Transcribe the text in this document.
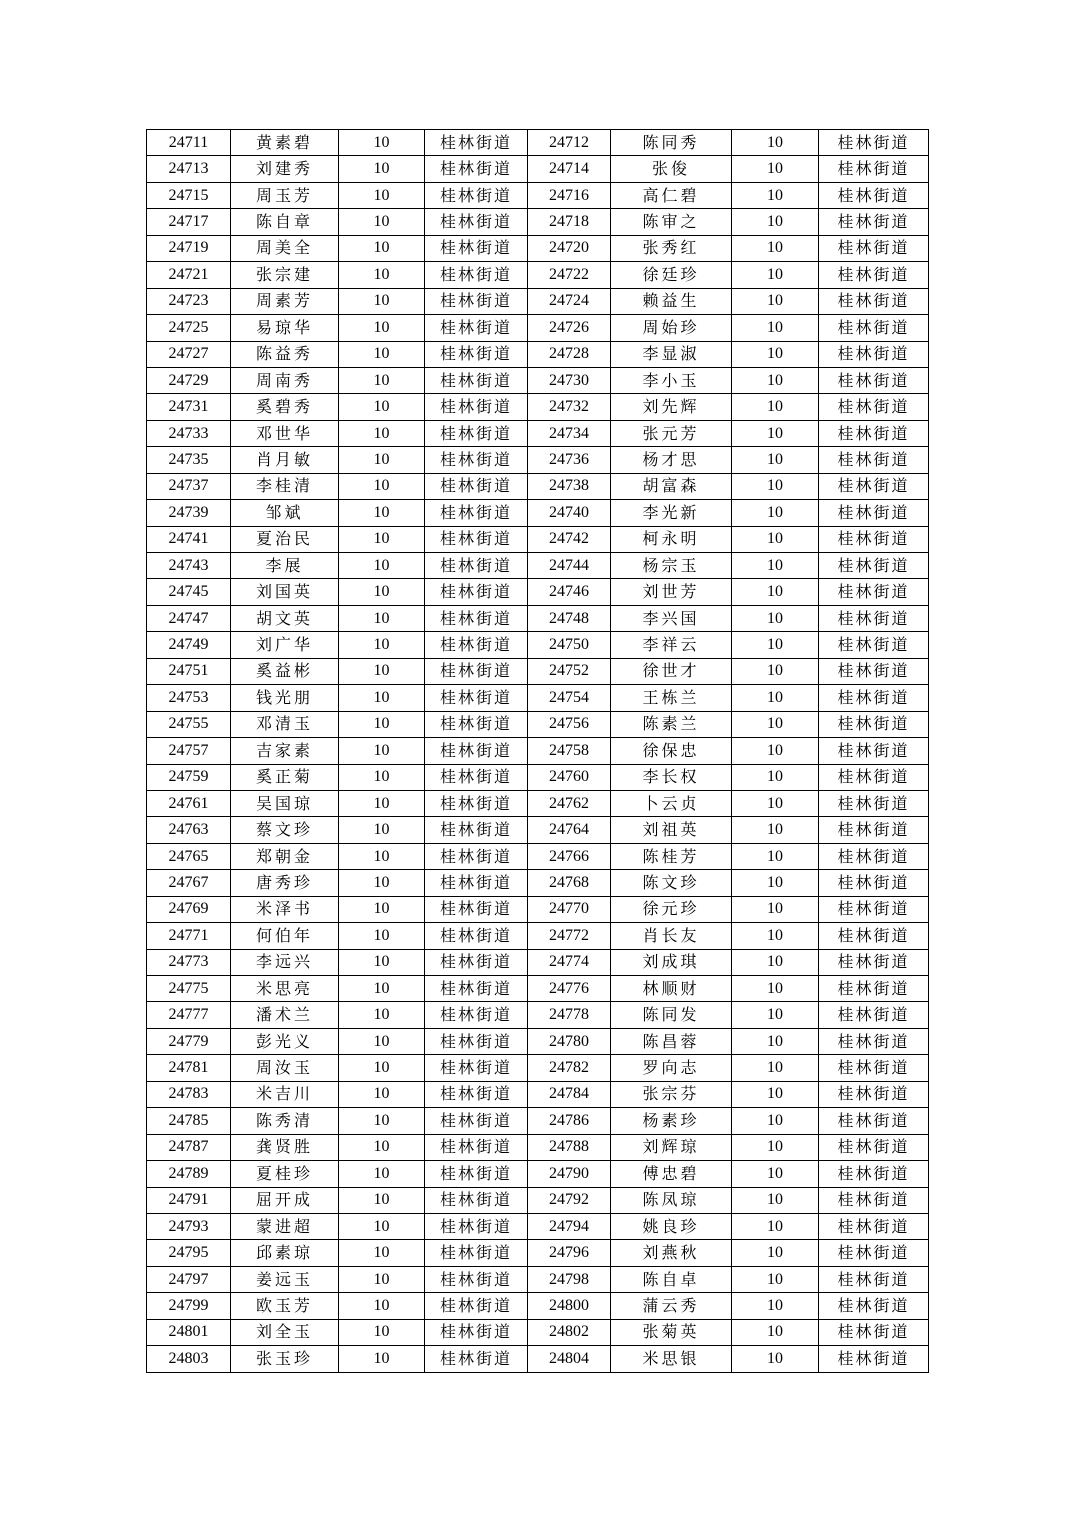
24711	黄素碧	10	桂林街道	24712	陈同秀	10	桂林街道
24713	刘建秀	10	桂林街道	24714	张俊	10	桂林街道
24715	周玉芳	10	桂林街道	24716	高仁碧	10	桂林街道
24717	陈自章	10	桂林街道	24718	陈审之	10	桂林街道
24719	周美全	10	桂林街道	24720	张秀红	10	桂林街道
24721	张宗建	10	桂林街道	24722	徐廷珍	10	桂林街道
24723	周素芳	10	桂林街道	24724	赖益生	10	桂林街道
24725	易琼华	10	桂林街道	24726	周始珍	10	桂林街道
24727	陈益秀	10	桂林街道	24728	李显淑	10	桂林街道
24729	周南秀	10	桂林街道	24730	李小玉	10	桂林街道
24731	奚碧秀	10	桂林街道	24732	刘先辉	10	桂林街道
24733	邓世华	10	桂林街道	24734	张元芳	10	桂林街道
24735	肖月敏	10	桂林街道	24736	杨才思	10	桂林街道
24737	李桂清	10	桂林街道	24738	胡富森	10	桂林街道
24739	邹斌	10	桂林街道	24740	李光新	10	桂林街道
24741	夏治民	10	桂林街道	24742	柯永明	10	桂林街道
24743	李展	10	桂林街道	24744	杨宗玉	10	桂林街道
24745	刘国英	10	桂林街道	24746	刘世芳	10	桂林街道
24747	胡文英	10	桂林街道	24748	李兴国	10	桂林街道
24749	刘广华	10	桂林街道	24750	李祥云	10	桂林街道
24751	奚益彬	10	桂林街道	24752	徐世才	10	桂林街道
24753	钱光朋	10	桂林街道	24754	王栋兰	10	桂林街道
24755	邓清玉	10	桂林街道	24756	陈素兰	10	桂林街道
24757	吉家素	10	桂林街道	24758	徐保忠	10	桂林街道
24759	奚正菊	10	桂林街道	24760	李长权	10	桂林街道
24761	吴国琼	10	桂林街道	24762	卜云贞	10	桂林街道
24763	蔡文珍	10	桂林街道	24764	刘祖英	10	桂林街道
24765	郑朝金	10	桂林街道	24766	陈桂芳	10	桂林街道
24767	唐秀珍	10	桂林街道	24768	陈文珍	10	桂林街道
24769	米泽书	10	桂林街道	24770	徐元珍	10	桂林街道
24771	何伯年	10	桂林街道	24772	肖长友	10	桂林街道
24773	李远兴	10	桂林街道	24774	刘成琪	10	桂林街道
24775	米思亮	10	桂林街道	24776	林顺财	10	桂林街道
24777	潘术兰	10	桂林街道	24778	陈同发	10	桂林街道
24779	彭光义	10	桂林街道	24780	陈昌蓉	10	桂林街道
24781	周汝玉	10	桂林街道	24782	罗向志	10	桂林街道
24783	米吉川	10	桂林街道	24784	张宗芬	10	桂林街道
24785	陈秀清	10	桂林街道	24786	杨素珍	10	桂林街道
24787	龚贤胜	10	桂林街道	24788	刘辉琼	10	桂林街道
24789	夏桂珍	10	桂林街道	24790	傅忠碧	10	桂林街道
24791	屈开成	10	桂林街道	24792	陈凤琼	10	桂林街道
24793	蒙进超	10	桂林街道	24794	姚良珍	10	桂林街道
24795	邱素琼	10	桂林街道	24796	刘燕秋	10	桂林街道
24797	姜远玉	10	桂林街道	24798	陈自卓	10	桂林街道
24799	欧玉芳	10	桂林街道	24800	蒲云秀	10	桂林街道
24801	刘全玉	10	桂林街道	24802	张菊英	10	桂林街道
24803	张玉珍	10	桂林街道	24804	米思银	10	桂林街道
